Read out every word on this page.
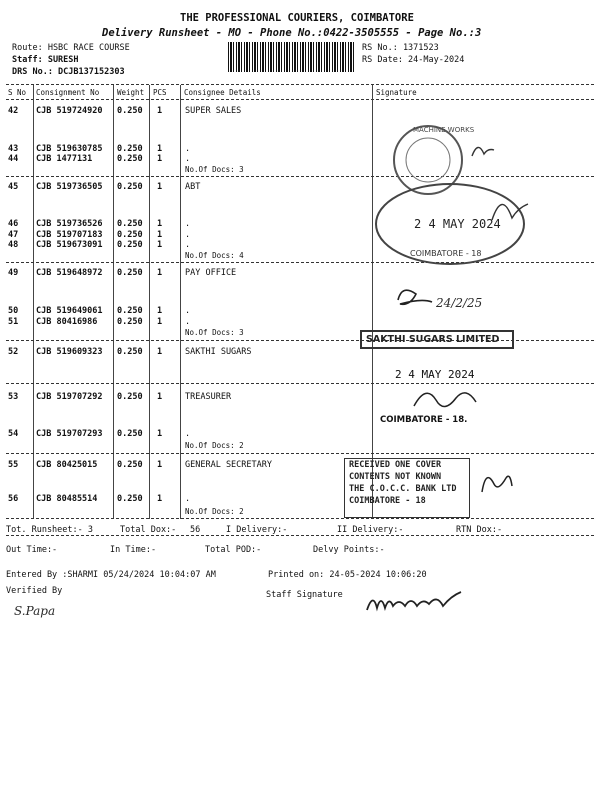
THE PROFESSIONAL COURIERS, COIMBATORE
Delivery Runsheet - MO - Phone No.:0422-3505555 - Page No.:3
Route: HSBC RACE COURSE
Staff: SURESH
DRS No.: DCJB137152303
RS No.: 1371523
RS Date: 24-May-2024
S No Consignment No Weight PCS Consignee Details	Signature
42 CJB 519724920 0.250 1	SUPER SALES
43 CJB 519630785 0.250 1	.
44 CJB 1477131	0.250 1	.
No.Of Docs: 3
45 CJB 519736505 0.250 1	ABT
46 CJB 519736526 0.250 1	.
47 CJB 519707183 0.250 1	.
48 CJB 519673091 0.250 1	.
No.Of Docs: 4
49 CJB 519648972 0.250 1	PAY OFFICE
50 CJB 519649061 0.250 1	.
51 CJB 80416986 0.250 1	.
No.Of Docs: 3
52 CJB 519609323 0.250 1	SAKTHI SUGARS
53 CJB 519707292 0.250 1	TREASURER
54 CJB 519707293 0.250 1	.
No.Of Docs: 2
55 CJB 80425015 0.250 1	GENERAL SECRETARY
56 CJB 80485514 0.250 1	.
No.Of Docs: 2
Tot. Runsheet:- 3	Total Dox:- 56	I Delivery:-	II Delivery:-	RTN Dox:-
Out Time:-	In Time:-	Total POD:-	Delvy Points:-
Entered By :SHARMI 05/24/2024 10:04:07 AM	Printed on: 24-05-2024 10:06:20
Verified By	Staff Signature
S.Papa
MACHINE WORKS
2 4 MAY 2024
COIMBATORE - 18
24/2/25
SAKTHI SUGARS LIMITED
2 4 MAY 2024
COIMBATORE - 18.
RECEIVED ONE COVER
CONTENTS NOT KNOWN
THE C.O.C.C. BANK LTD
COIMBATORE - 18
